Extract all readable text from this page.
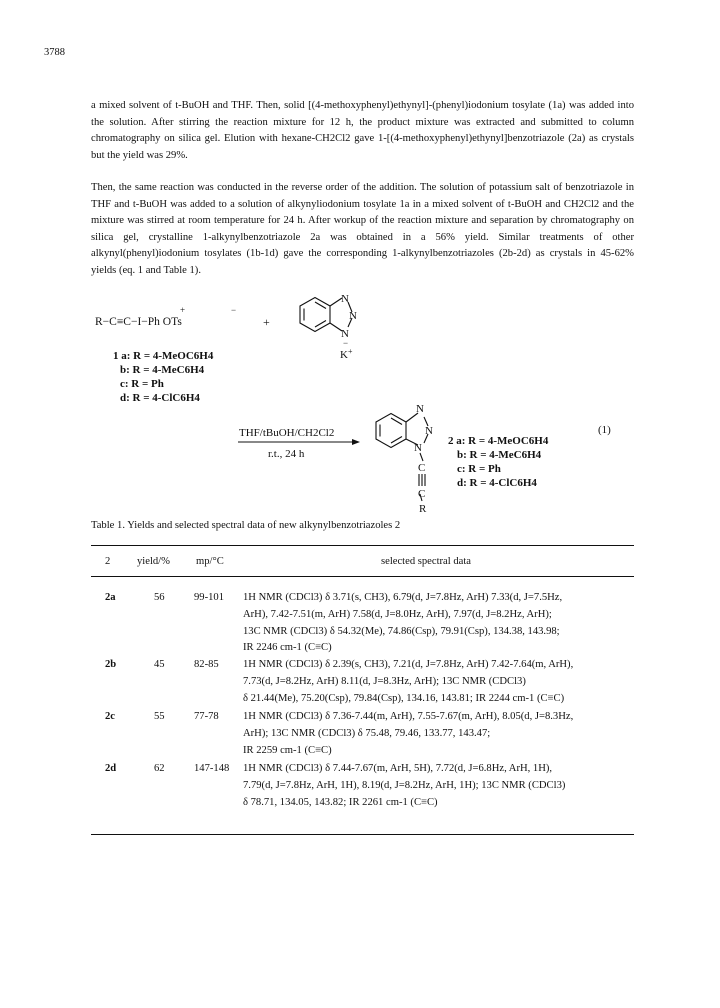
3788

a mixed solvent of t-BuOH and THF. Then, solid [(4-methoxyphenyl)ethynyl]-(phenyl)iodonium tosylate (1a) was added into the solution. After stirring the reaction mixture for 12 h, the product mixture was extracted and submitted to column chromatography on silica gel. Elution with hexane-CH2Cl2 gave 1-[(4-methoxyphenyl)ethynyl]benzotriazole (2a) as crystals but the yield was 29%.

Then, the same reaction was conducted in the reverse order of the addition. The solution of potassium salt of benzotriazole in THF and t-BuOH was added to a solution of alkynyliodonium tosylate 1a in a mixed solvent of t-BuOH and CH2Cl2 and the mixture was stirred at room temperature for 24 h. After workup of the reaction mixture and separation by chromatography on silica gel, crystalline 1-alkynylbenzotriazole 2a was obtained in a 56% yield. Similar treatments of other alkynyl(phenyl)iodonium tosylates (1b-1d) gave the corresponding 1-alkynylbenzotriazoles (2b-2d) as crystals in 45-62% yields (eq. 1 and Table 1).

R−C≡C−I−Ph OTs
+	−
+
N
N
N
−
K+
1 a: R = 4-MeOC6H4
b: R = 4-MeC6H4
c: R = Ph
d: R = 4-ClC6H4
THF/tBuOH/CH2Cl2
r.t., 24 h
N
N
N
C
C
R
2 a: R = 4-MeOC6H4
b: R = 4-MeC6H4
c: R = Ph
d: R = 4-ClC6H4
(1)
Table 1. Yields and selected spectral data of new alkynylbenzotriazoles 2
2	yield/% mp/°C	selected spectral data
2a	56	99-101	1H NMR (CDCl3) δ 3.71(s, CH3), 6.79(d, J=7.8Hz, ArH) 7.33(d, J=7.5Hz,
ArH), 7.42-7.51(m, ArH) 7.58(d, J=8.0Hz, ArH), 7.97(d, J=8.2Hz, ArH);
13C NMR (CDCl3) δ 54.32(Me), 74.86(Csp), 79.91(Csp), 134.38, 143.98;
IR 2246 cm-1 (C≡C)
2b	45	82-85	1H NMR (CDCl3) δ 2.39(s, CH3), 7.21(d, J=7.8Hz, ArH) 7.42-7.64(m, ArH),
7.73(d, J=8.2Hz, ArH) 8.11(d, J=8.3Hz, ArH); 13C NMR (CDCl3)
δ 21.44(Me), 75.20(Csp), 79.84(Csp), 134.16, 143.81; IR 2244 cm-1 (C≡C)
2c	55	77-78	1H NMR (CDCl3) δ 7.36-7.44(m, ArH), 7.55-7.67(m, ArH), 8.05(d, J=8.3Hz,
ArH); 13C NMR (CDCl3) δ 75.48, 79.46, 133.77, 143.47;
IR 2259 cm-1 (C≡C)
2d	62	147-148	1H NMR (CDCl3) δ 7.44-7.67(m, ArH, 5H), 7.72(d, J=6.8Hz, ArH, 1H),
7.79(d, J=7.8Hz, ArH, 1H), 8.19(d, J=8.2Hz, ArH, 1H); 13C NMR (CDCl3)
δ 78.71, 134.05, 143.82; IR 2261 cm-1 (C≡C)
